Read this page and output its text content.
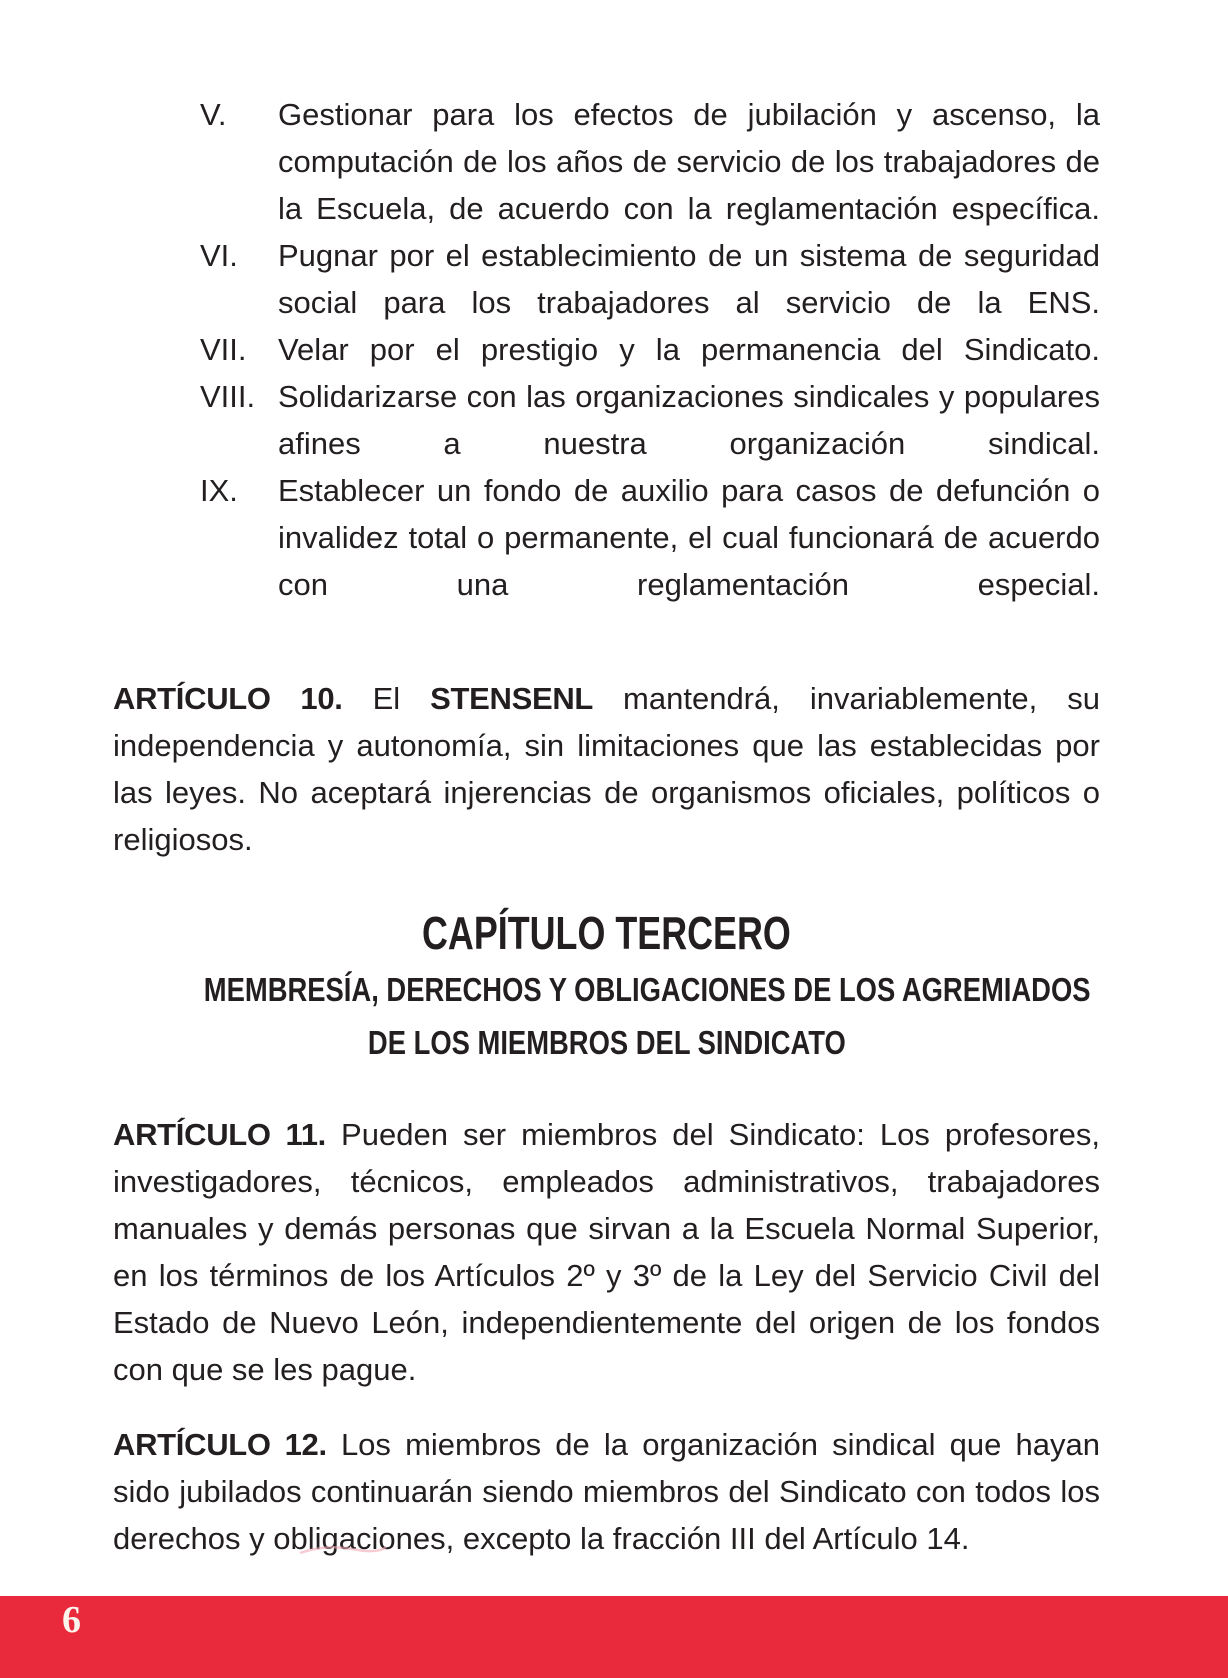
V. Gestionar para los efectos de jubilación y ascenso, la computación de los años de servicio de los trabajadores de la Escuela, de acuerdo con la reglamentación específica.
VI. Pugnar por el establecimiento de un sistema de seguridad social para los trabajadores al servicio de la ENS.
VII. Velar por el prestigio y la permanencia del Sindicato.
VIII. Solidarizarse con las organizaciones sindicales y populares afines a nuestra organización sindical.
IX. Establecer un fondo de auxilio para casos de defunción o invalidez total o permanente, el cual funcionará de acuerdo con una reglamentación especial.

ARTÍCULO 10. El STENSENL mantendrá, invariablemente, su independencia y autonomía, sin limitaciones que las establecidas por las leyes. No aceptará injerencias de organismos oficiales, políticos o religiosos.

CAPÍTULO TERCERO
MEMBRESÍA, DERECHOS Y OBLIGACIONES DE LOS AGREMIADOS
DE LOS MIEMBROS DEL SINDICATO

ARTÍCULO 11. Pueden ser miembros del Sindicato: Los profesores, investigadores, técnicos, empleados administrativos, trabajadores manuales y demás personas que sirvan a la Escuela Normal Superior, en los términos de los Artículos 2º y 3º de la Ley del Servicio Civil del Estado de Nuevo León, independientemente del origen de los fondos con que se les pague.

ARTÍCULO 12. Los miembros de la organización sindical que hayan sido jubilados continuarán siendo miembros del Sindicato con todos los derechos y obligaciones, excepto la fracción III del Artículo 14.

6
